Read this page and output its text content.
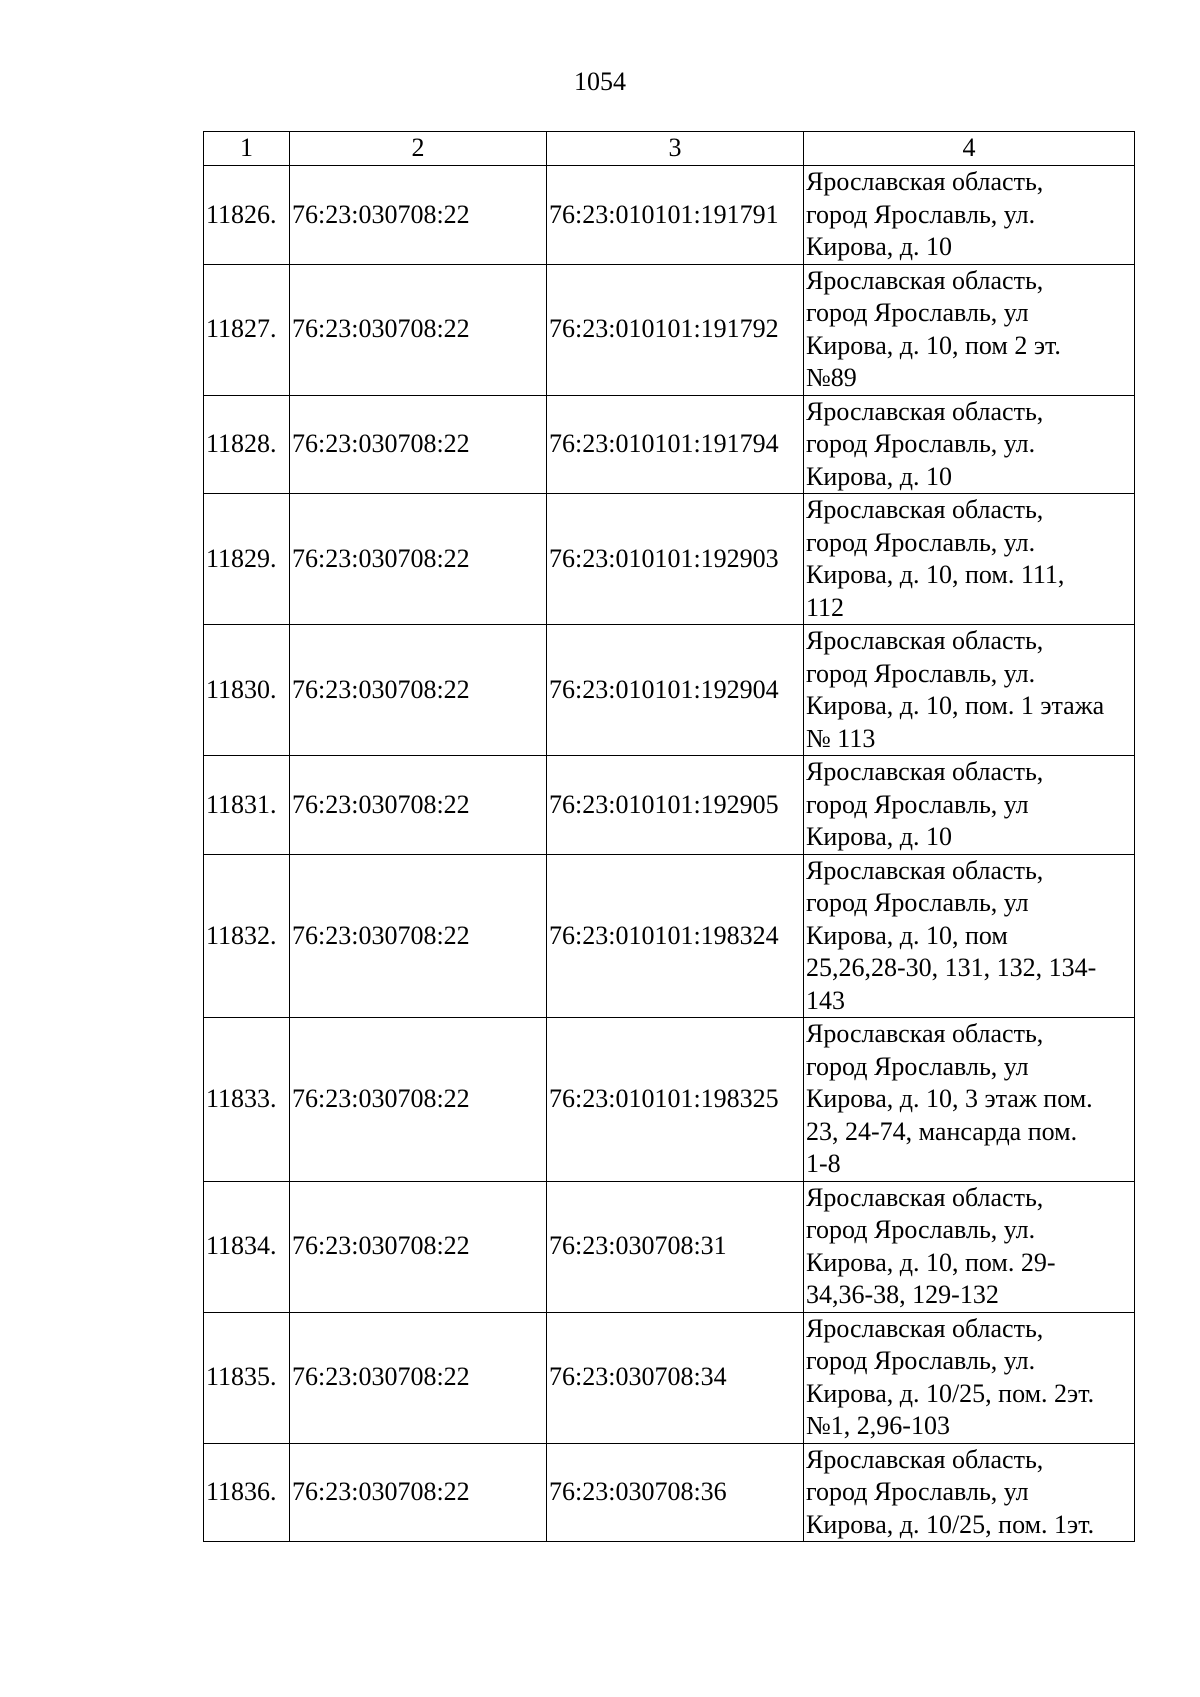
1054
1	2	3	4
11826.	76:23:030708:22	76:23:010101:191791	Ярославская область,
город Ярославль, ул.
Кирова, д. 10

11827.	76:23:030708:22	76:23:010101:191792	Ярославская область,
город Ярославль, ул
Кирова, д. 10, пом 2 эт.
№89

11828.	76:23:030708:22	76:23:010101:191794	Ярославская область,
город Ярославль, ул.
Кирова, д. 10

11829.	76:23:030708:22	76:23:010101:192903	Ярославская область,
город Ярославль, ул.
Кирова, д. 10, пом. 111,
112

11830.	76:23:030708:22	76:23:010101:192904	Ярославская область,
город Ярославль, ул.
Кирова, д. 10, пом. 1 этажа
№ 113

11831.	76:23:030708:22	76:23:010101:192905	Ярославская область,
город Ярославль, ул
Кирова, д. 10

11832.	76:23:030708:22	76:23:010101:198324	Ярославская область,
город Ярославль, ул
Кирова, д. 10, пом
25,26,28-30, 131, 132, 134-
143

11833.	76:23:030708:22	76:23:010101:198325	Ярославская область,
город Ярославль, ул
Кирова, д. 10, 3 этаж пом.
23, 24-74, мансарда пом.
1-8

11834.	76:23:030708:22	76:23:030708:31	Ярославская область,
город Ярославль, ул.
Кирова, д. 10, пом. 29-
34,36-38, 129-132

11835.	76:23:030708:22	76:23:030708:34	Ярославская область,
город Ярославль, ул.
Кирова, д. 10/25, пом. 2эт.
№1, 2,96-103

11836.	76:23:030708:22	76:23:030708:36	Ярославская область,
город Ярославль, ул
Кирова, д. 10/25, пом. 1эт.
